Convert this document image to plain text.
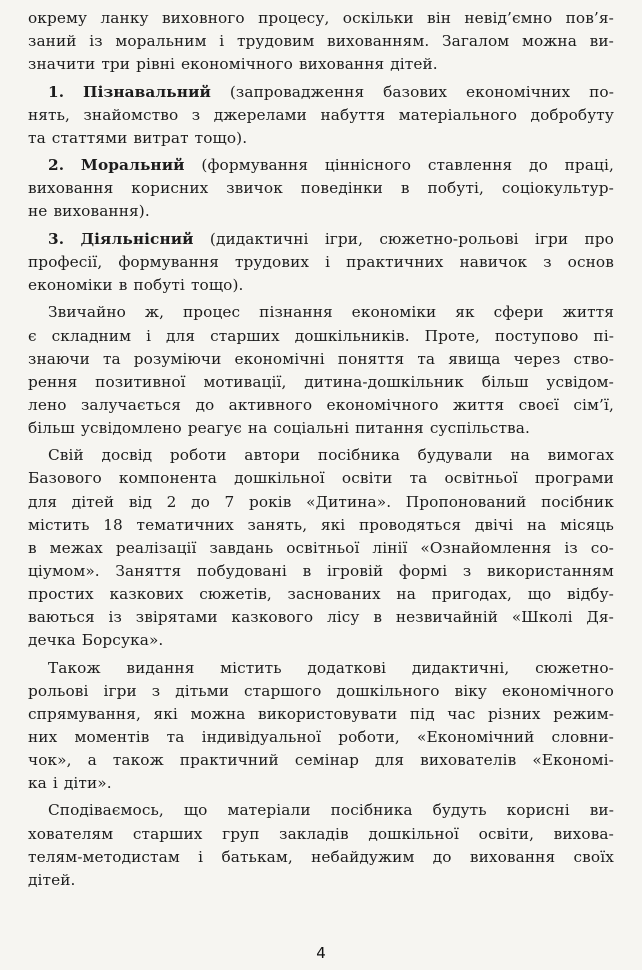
окрему ланку виховного процесу, оскільки він невід’ємно пов’я-
заний із моральним і трудовим вихованням. Загалом можна ви-
значити три рівні економічного виховання дітей.
1. Пізнавальний (запровадження базових економічних по-
нять, знайомство з джерелами набуття матеріального добробуту
та статтями витрат тощо).
2. Моральний (формування ціннісного ставлення до праці,
виховання корисних звичок поведінки в побуті, соціокультур-
не виховання).
3. Діяльнісний (дидактичні ігри, сюжетно-рольові ігри про
професії, формування трудових і практичних навичок з основ
економіки в побуті тощо).
Звичайно ж, процес пізнання економіки як сфери життя
є складним і для старших дошкільників. Проте, поступово пі-
знаючи та розуміючи економічні поняття та явища через ство-
рення позитивної мотивації, дитина-дошкільник більш усвідом-
лено залучається до активного економічного життя своєї сім’ї,
більш усвідомлено реагує на соціальні питання суспільства.
Свій досвід роботи автори посібника будували на вимогах
Базового компонента дошкільної освіти та освітньої програми
для дітей від 2 до 7 років «Дитина». Пропонований посібник
містить 18 тематичних занять, які проводяться двічі на місяць
в межах реалізації завдань освітньої лінії «Ознайомлення із со-
ціумом». Заняття побудовані в ігровій формі з використанням
простих казкових сюжетів, заснованих на пригодах, що відбу-
ваються із звірятами казкового лісу в незвичайній «Школі Дя-
дечка Борсука».
Також видання містить додаткові дидактичні, сюжетно-
рольові ігри з дітьми старшого дошкільного віку економічного
спрямування, які можна використовувати під час різних режим-
них моментів та індивідуальної роботи, «Економічний словни-
чок», а також практичний семінар для вихователів «Економі-
ка і діти».
Сподіваємось, що матеріали посібника будуть корисні ви-
хователям старших груп закладів дошкільної освіти, вихова-
телям-методистам і батькам, небайдужим до виховання своїх
дітей.
4
